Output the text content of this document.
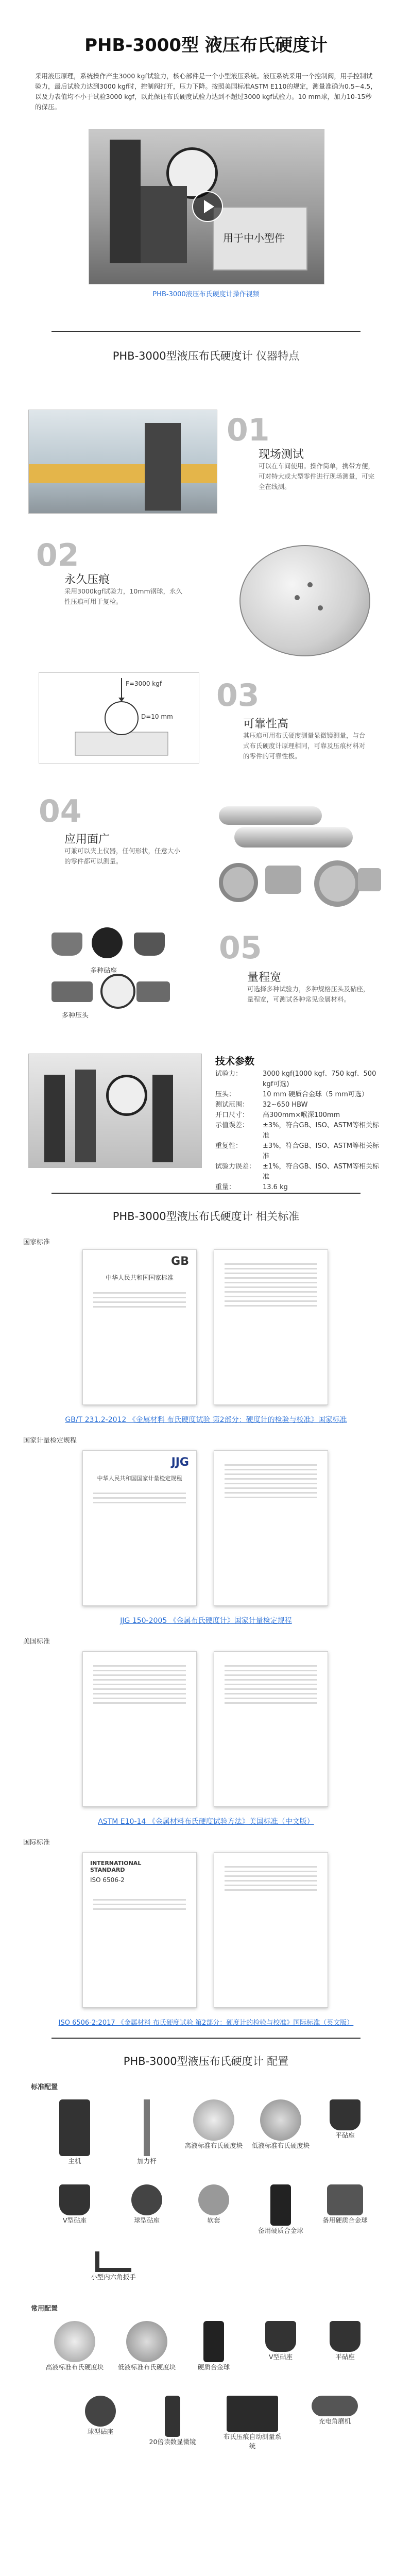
PHB-3000型 液压布氏硬度计
采用液压原理，系统操作产生3000 kgf试验力，核心部件是一个小型液压系统。液压系统采用一个控制阀，用手控制试验力，最后试验力达到3000 kgf时，控制阀打开，压力下降。按照美国标准ASTM E110的规定，测量准确为0.5~4.5，以及力表值均不小于试验3000 kgf，以此保证布氏硬度试验力达到不超过3000 kgf试验力。10 mm球，加力10-15秒的保压。
用于中小型件
PHB-3000液压布氏硬度计操作视频
PHB-3000型液压布氏硬度计 仪器特点
01
现场测试
可以在车间使用。操作简单，携带方便，可对特大或大型零件进行现场测量，可完全在线测。
02
永久压痕
采用3000kgf试验力，10mm钢球，永久性压痕可用于复检。
F=3000 kgf
D=10 mm
03
可靠性高
其压痕可用布氏硬度测量显微镜测量，与台式布氏硬度计原理相同，可靠及压痕材料对的零件的可靠性极。
04
应用面广
可兼可以夹上仪器，任何形状，任意大小的零件都可以测量。
多种砧座
多种压头
05
量程宽
可选择多种试验力，多种规格压头及砧座，量程宽，可测试各种常见金属材料。
技术参数
试验力：	3000 kgf(1000 kgf、750 kgf、500 kgf可选)
压头：	10 mm 硬质合金球（5 mm可选）
测试范围：	32~650 HBW
开口尺寸：	高300mm×喉深100mm
示值误差：	±3%，符合GB、ISO、ASTM等相关标准
重复性：	±3%，符合GB、ISO、ASTM等相关标准
试验力误差：	±1%，符合GB、ISO、ASTM等相关标准
重量：	13.6 kg
PHB-3000型液压布氏硬度计 相关标准
国家标准
GB
中华人民共和国国家标准
GB/T 231.2-2012 《金属材料 布氏硬度试验 第2部分：硬度计的检验与校准》国家标准
国家计量检定规程
JJG
中华人民共和国国家计量检定规程
JJG 150-2005 《金属布氏硬度计》国家计量检定规程
美国标准
ASTM E10-14 《金属材料布氏硬度试验方法》美国标准（中文版）
国际标准
INTERNATIONAL STANDARD
ISO 6506-2
ISO 6506-2:2017 《金属材料 布氏硬度试验 第2部分：硬度计的检验与校准》国际标准（英文版）
PHB-3000型液压布氏硬度计 配置
标准配置
主机	加力杆
离液标准布氏硬度块	低液标准布氏硬度块
平砧座
V型砧座	球型砧座	软套
备用硬质合金球
备用硬质合金球
小型内六角扳手
常用配置
高液标准布氏硬度块	低液标准布氏硬度块	硬质合金球
V型砧座	平砧座
球型砧座
20倍读数显微镜
布氏压痕自动测量系统
充电角磨机
